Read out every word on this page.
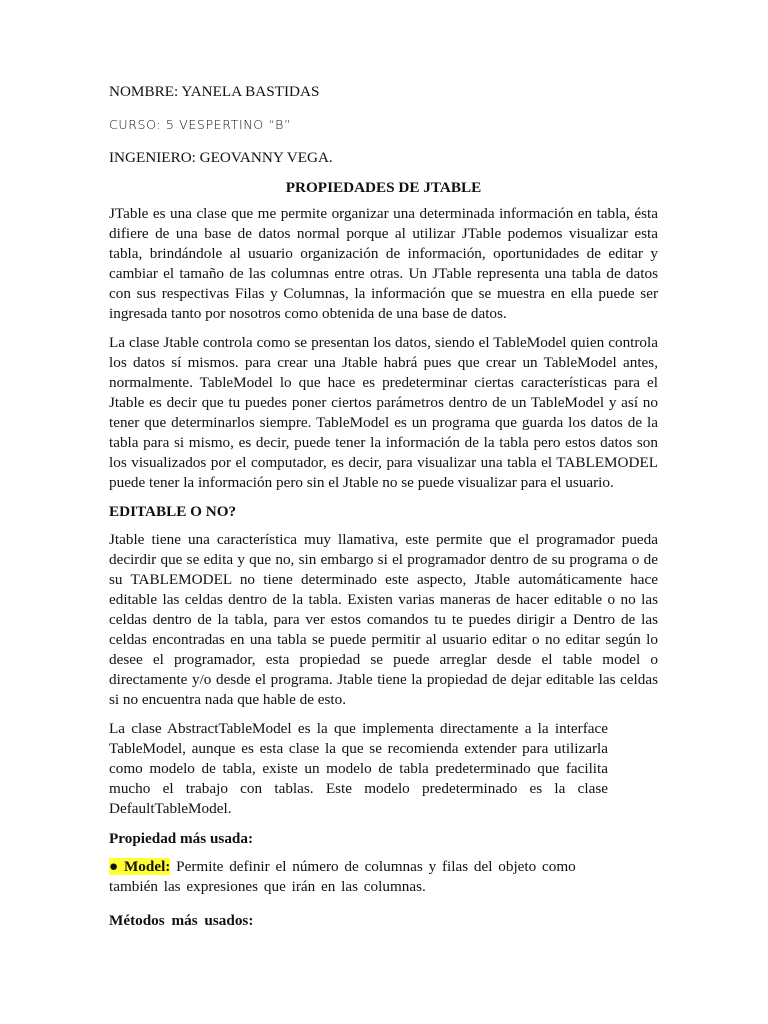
NOMBRE: YANELA BASTIDAS
CURSO: 5 VESPERTINO “B”
INGENIERO: GEOVANNY VEGA.
PROPIEDADES DE JTABLE

JTable es una clase que me permite organizar una determinada información en tabla, ésta difiere de una base de datos normal porque al utilizar JTable podemos visualizar esta tabla, brindándole al usuario organización de información, oportunidades de editar y cambiar el tamaño de las columnas entre otras. Un JTable representa una tabla de datos con sus respectivas Filas y Columnas, la información que se muestra en ella puede ser ingresada tanto por nosotros como obtenida de una base de datos.

La clase Jtable controla como se presentan los datos, siendo el TableModel quien controla los datos sí mismos. para crear una Jtable habrá pues que crear un TableModel antes, normalmente. TableModel lo que hace es predeterminar ciertas características para el Jtable es decir que tu puedes poner ciertos parámetros dentro de un TableModel y así no tener que determinarlos siempre. TableModel es un programa que guarda los datos de la tabla para si mismo, es decir, puede tener la información de la tabla pero estos datos son los visualizados por el computador, es decir, para visualizar una tabla el TABLEMODEL puede tener la información pero sin el Jtable no se puede visualizar para el usuario.

EDITABLE O NO?

Jtable tiene una característica muy llamativa, este permite que el programador pueda decirdir que se edita y que no, sin embargo si el programador dentro de su programa o de su TABLEMODEL no tiene determinado este aspecto, Jtable automáticamente hace editable las celdas dentro de la tabla. Existen varias maneras de hacer editable o no las celdas dentro de la tabla, para ver estos comandos tu te puedes dirigir a Dentro de las celdas encontradas en una tabla se puede permitir al usuario editar o no editar según lo desee el programador, esta propiedad se puede arreglar desde el table model o directamente y/o desde el programa. Jtable tiene la propiedad de dejar editable las celdas si no encuentra nada que hable de esto.

La clase AbstractTableModel es la que implementa directamente a la interface TableModel, aunque es esta clase la que se recomienda extender para utilizarla como modelo de tabla, existe un modelo de tabla predeterminado que facilita mucho el trabajo con tablas. Este modelo predeterminado es la clase DefaultTableModel.

Propiedad más usada:

● Model: Permite definir el número de columnas y filas del objeto como también las expresiones que irán en las columnas.

Métodos más usados:
